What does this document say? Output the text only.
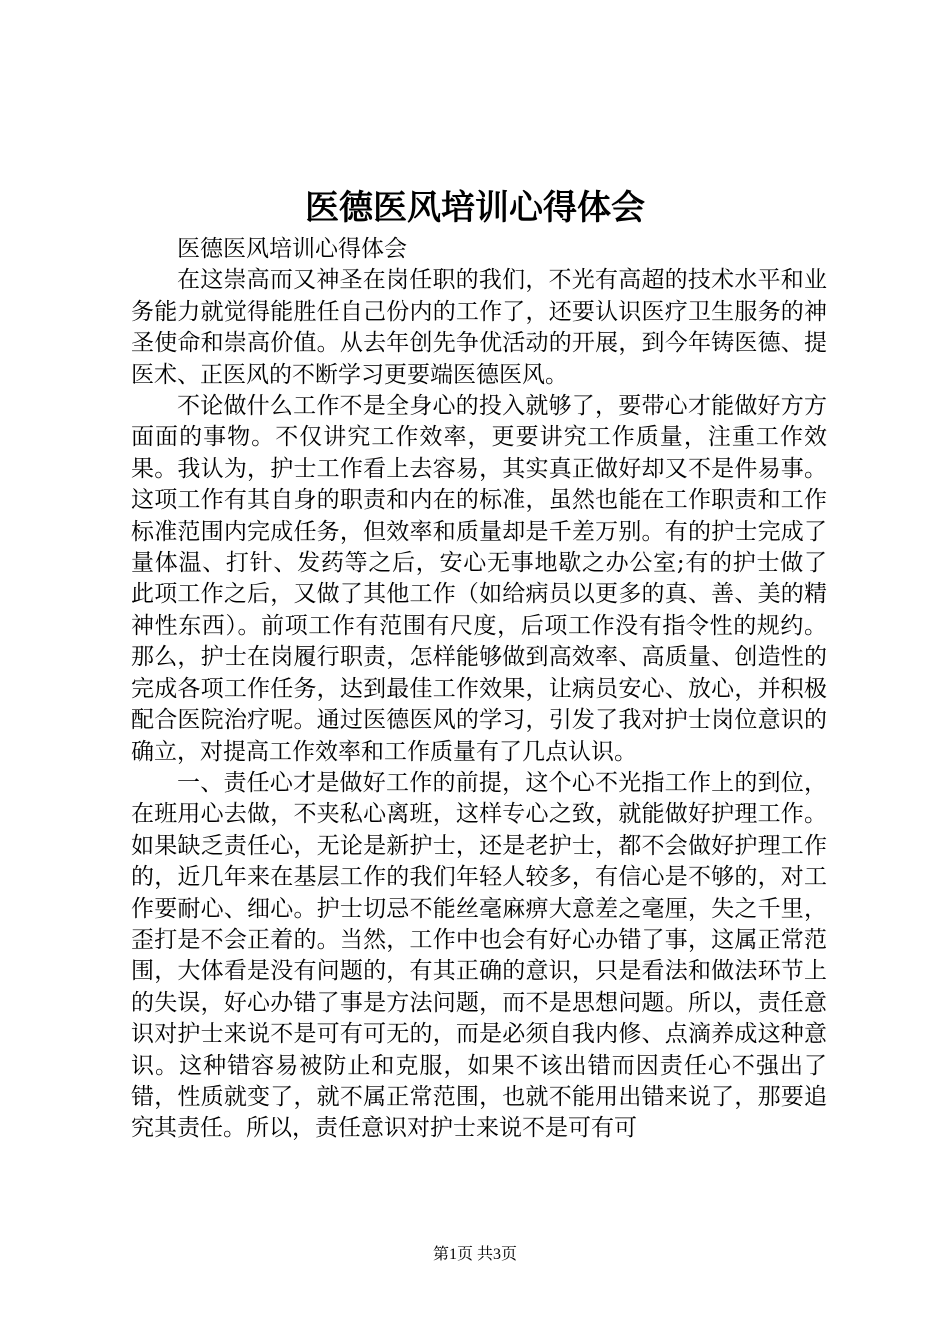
医德医风培训心得体会

医德医风培训心得体会

在这崇高而又神圣在岗任职的我们，不光有高超的技术水平和业务能力就觉得能胜任自己份内的工作了，还要认识医疗卫生服务的神圣使命和崇高价值。从去年创先争优活动的开展，到今年铸医德、提医术、正医风的不断学习更要端医德医风。

不论做什么工作不是全身心的投入就够了，要带心才能做好方方面面的事物。不仅讲究工作效率，更要讲究工作质量，注重工作效果。我认为，护士工作看上去容易，其实真正做好却又不是件易事。这项工作有其自身的职责和内在的标准，虽然也能在工作职责和工作标准范围内完成任务，但效率和质量却是千差万别。有的护士完成了量体温、打针、发药等之后，安心无事地歇之办公室;有的护士做了此项工作之后，又做了其他工作（如给病员以更多的真、善、美的精神性东西）。前项工作有范围有尺度，后项工作没有指令性的规约。那么，护士在岗履行职责，怎样能够做到高效率、高质量、创造性的完成各项工作任务，达到最佳工作效果，让病员安心、放心，并积极配合医院治疗呢。通过医德医风的学习，引发了我对护士岗位意识的确立，对提高工作效率和工作质量有了几点认识。

一、责任心才是做好工作的前提，这个心不光指工作上的到位，在班用心去做，不夹私心离班，这样专心之致，就能做好护理工作。如果缺乏责任心，无论是新护士，还是老护士，都不会做好护理工作的，近几年来在基层工作的我们年轻人较多，有信心是不够的，对工作要耐心、细心。护士切忌不能丝毫麻痹大意差之毫厘，失之千里，歪打是不会正着的。当然，工作中也会有好心办错了事，这属正常范围，大体看是没有问题的，有其正确的意识，只是看法和做法环节上的失误，好心办错了事是方法问题，而不是思想问题。所以，责任意识对护士来说不是可有可无的，而是必须自我内修、点滴养成这种意识。这种错容易被防止和克服，如果不该出错而因责任心不强出了错，性质就变了，就不属正常范围，也就不能用出错来说了，那要追究其责任。所以，责任意识对护士来说不是可有可

第1页 共3页
